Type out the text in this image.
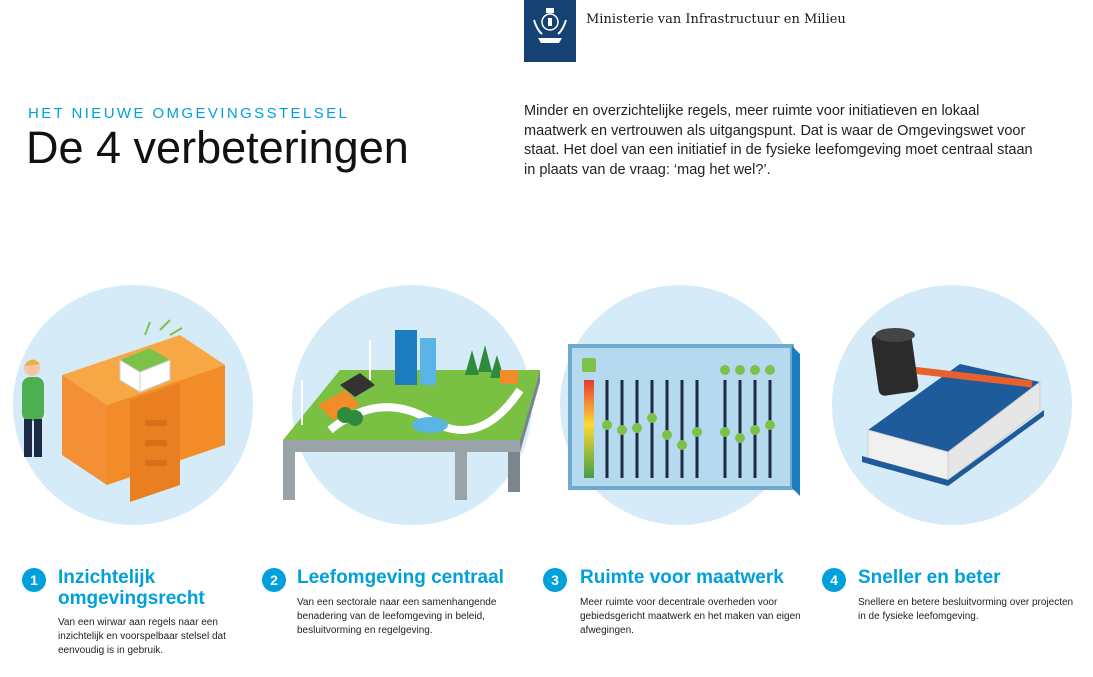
Ministerie van Infrastructuur en Milieu
HET NIEUWE OMGEVINGSSTELSEL
De 4 verbeteringen

Minder en overzichtelijke regels, meer ruimte voor initiatieven en lokaal maatwerk en vertrouwen als uitgangspunt. Dat is waar de Omgevingswet voor staat. Het doel van een initiatief in de fysieke leefomgeving moet centraal staan in plaats van de vraag: ‘mag het wel?’.

1	Inzichtelijk omgevingsrecht

Van een wirwar aan regels naar een inzichtelijk en voorspelbaar stelsel dat eenvoudig is in gebruik.

2	Leefomgeving centraal

Van een sectorale naar een samenhangende benadering van de leefomgeving in beleid, besluitvorming en regelgeving.

3	Ruimte voor maatwerk

Meer ruimte voor decentrale overheden voor gebiedsgericht maatwerk en het maken van eigen afwegingen.

4	Sneller en beter

Snellere en betere besluitvorming over projecten in de fysieke leefomgeving.
